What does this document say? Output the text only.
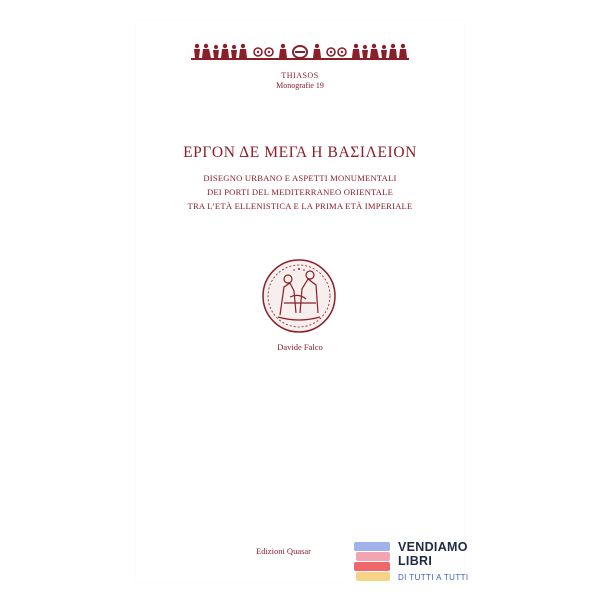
THIASOS
Monografie 19
ΕΡΓΟΝ ΔΕ ΜΕΓΑ Η ΒΑΣΙΛΕΙΟΝ
DISEGNO URBANO E ASPETTI MONUMENTALI
DEI PORTI DEL MEDITERRANEO ORIENTALE
TRA L’ETÀ ELLENISTICA E LA PRIMA ETÀ IMPERIALE
Davide Falco
Edizioni Quasar	VENDIAMO
LIBRI
DI TUTTI A TUTTI
